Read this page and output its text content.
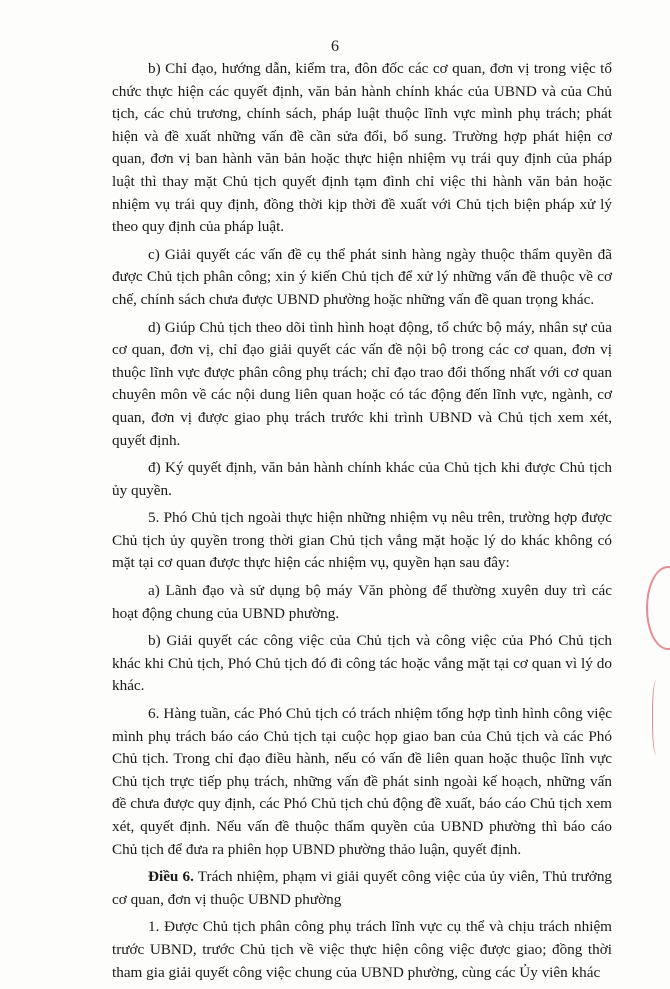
6

b) Chỉ đạo, hướng dẫn, kiểm tra, đôn đốc các cơ quan, đơn vị trong việc tổ chức thực hiện các quyết định, văn bản hành chính khác của UBND và của Chủ tịch, các chủ trương, chính sách, pháp luật thuộc lĩnh vực mình phụ trách; phát hiện và đề xuất những vấn đề cần sửa đổi, bổ sung. Trường hợp phát hiện cơ quan, đơn vị ban hành văn bản hoặc thực hiện nhiệm vụ trái quy định của pháp luật thì thay mặt Chủ tịch quyết định tạm đình chỉ việc thi hành văn bản hoặc nhiệm vụ trái quy định, đồng thời kịp thời đề xuất với Chủ tịch biện pháp xử lý theo quy định của pháp luật.

c) Giải quyết các vấn đề cụ thể phát sinh hàng ngày thuộc thẩm quyền đã được Chủ tịch phân công; xin ý kiến Chủ tịch để xử lý những vấn đề thuộc về cơ chế, chính sách chưa được UBND phường hoặc những vấn đề quan trọng khác.

d) Giúp Chủ tịch theo dõi tình hình hoạt động, tổ chức bộ máy, nhân sự của cơ quan, đơn vị, chỉ đạo giải quyết các vấn đề nội bộ trong các cơ quan, đơn vị thuộc lĩnh vực được phân công phụ trách; chỉ đạo trao đổi thống nhất với cơ quan chuyên môn về các nội dung liên quan hoặc có tác động đến lĩnh vực, ngành, cơ quan, đơn vị được giao phụ trách trước khi trình UBND và Chủ tịch xem xét, quyết định.

đ) Ký quyết định, văn bản hành chính khác của Chủ tịch khi được Chủ tịch ủy quyền.

5. Phó Chủ tịch ngoài thực hiện những nhiệm vụ nêu trên, trường hợp được Chủ tịch ủy quyền trong thời gian Chủ tịch vắng mặt hoặc lý do khác không có mặt tại cơ quan được thực hiện các nhiệm vụ, quyền hạn sau đây:

a) Lãnh đạo và sử dụng bộ máy Văn phòng để thường xuyên duy trì các hoạt động chung của UBND phường.

b) Giải quyết các công việc của Chủ tịch và công việc của Phó Chủ tịch khác khi Chủ tịch, Phó Chủ tịch đó đi công tác hoặc vắng mặt tại cơ quan vì lý do khác.

6. Hàng tuần, các Phó Chủ tịch có trách nhiệm tổng hợp tình hình công việc mình phụ trách báo cáo Chủ tịch tại cuộc họp giao ban của Chủ tịch và các Phó Chủ tịch. Trong chỉ đạo điều hành, nếu có vấn đề liên quan hoặc thuộc lĩnh vực Chủ tịch trực tiếp phụ trách, những vấn đề phát sinh ngoài kế hoạch, những vấn đề chưa được quy định, các Phó Chủ tịch chủ động đề xuất, báo cáo Chủ tịch xem xét, quyết định. Nếu vấn đề thuộc thẩm quyền của UBND phường thì báo cáo Chủ tịch để đưa ra phiên họp UBND phường thảo luận, quyết định.

Điều 6. Trách nhiệm, phạm vi giải quyết công việc của ủy viên, Thủ trưởng cơ quan, đơn vị thuộc UBND phường

1. Được Chủ tịch phân công phụ trách lĩnh vực cụ thể và chịu trách nhiệm trước UBND, trước Chủ tịch về việc thực hiện công việc được giao; đồng thời tham gia giải quyết công việc chung của UBND phường, cùng các Ủy viên khác
